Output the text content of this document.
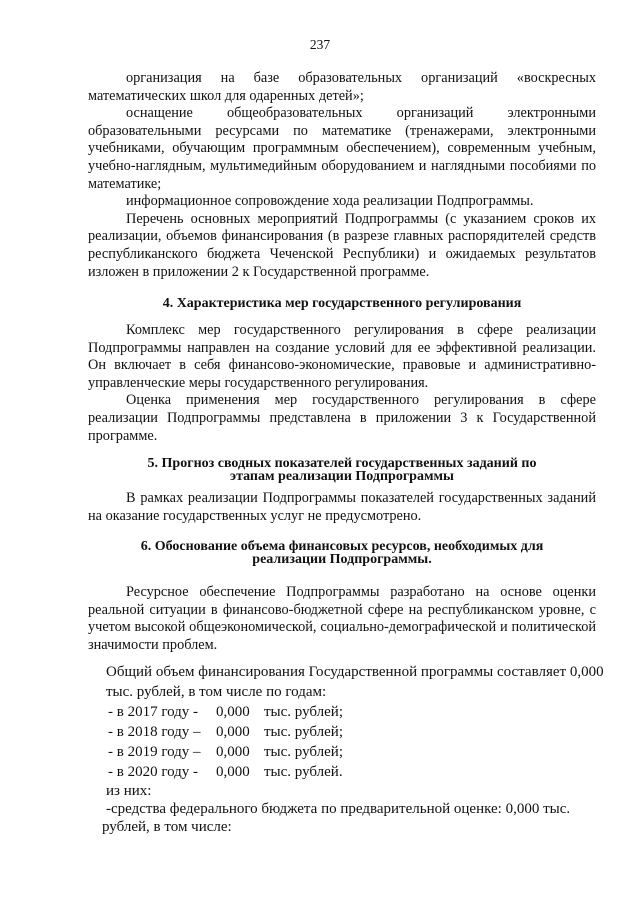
237

организация на базе образовательных организаций «воскресных математических школ для одаренных детей»;

оснащение общеобразовательных организаций электронными образовательными ресурсами по математике (тренажерами, электронными учебниками, обучающим программным обеспечением), современным учебным, учебно-наглядным, мультимедийным оборудованием и наглядными пособиями по математике;

информационное сопровождение хода реализации Подпрограммы.

Перечень основных мероприятий Подпрограммы (с указанием сроков их реализации, объемов финансирования (в разрезе главных распорядителей средств республиканского бюджета Чеченской Республики) и ожидаемых результатов изложен в приложении 2 к Государственной программе.

4. Характеристика мер государственного регулирования

Комплекс мер государственного регулирования в сфере реализации Подпрограммы направлен на создание условий для ее эффективной реализации. Он включает в себя финансово-экономические, правовые и административно-управленческие меры государственного регулирования.

Оценка применения мер государственного регулирования в сфере реализации Подпрограммы представлена в приложении 3 к Государственной программе.

5. Прогноз сводных показателей государственных заданий по

этапам реализации Подпрограммы

В рамках реализации Подпрограммы показателей государственных заданий на оказание государственных услуг не предусмотрено.

6. Обоснование объема финансовых ресурсов, необходимых для

реализации Подпрограммы.

Ресурсное обеспечение Подпрограммы разработано на основе оценки реальной ситуации в финансово-бюджетной сфере на республиканском уровне, с учетом высокой общеэкономической, социально-демографической и политической значимости проблем.

Общий объем финансирования Государственной программы составляет 0,000
тыс. рублей, в том числе по годам:
- в 2017 году - 0,000 тыс. рублей;
- в 2018 году – 0,000 тыс. рублей;
- в 2019 году – 0,000 тыс. рублей;
- в 2020 году - 0,000 тыс. рублей.
из них:
-средства федерального бюджета по предварительной оценке: 0,000 тыс.
рублей, в том числе:
